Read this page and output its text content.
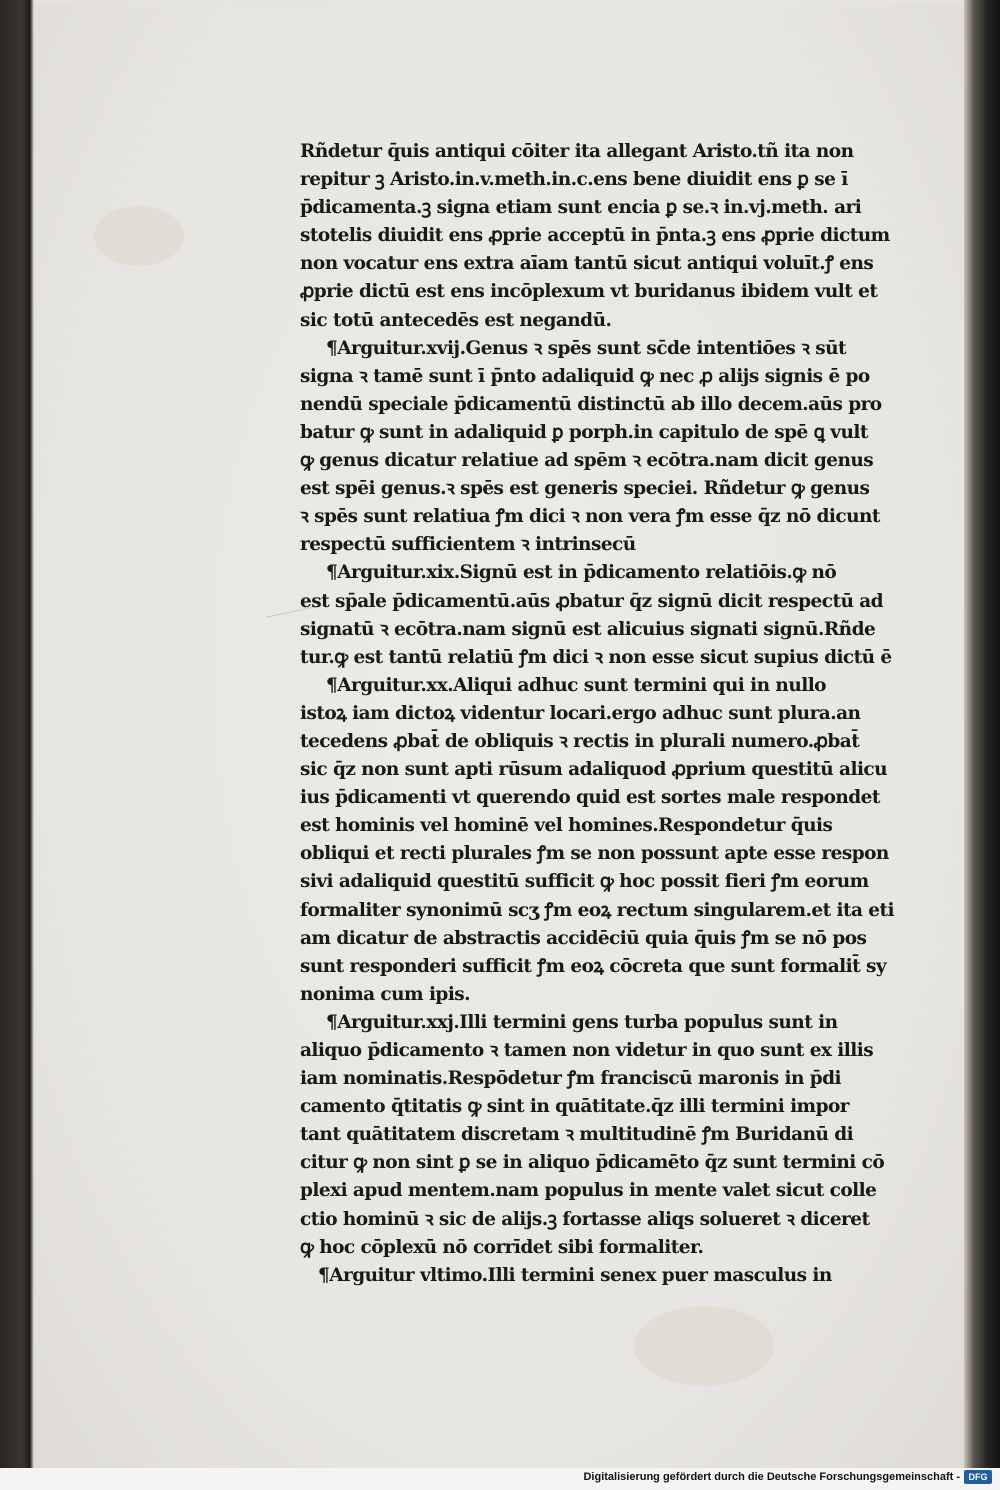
Rñdetur q̄uis antiqui cōiter ita allegant Aristo.tñ ita non
repitur ꝫ Aristo.in.v.meth.in.c.ens bene diuidit ens ꝑ se ī
p̄dicamenta.ꝫ signa etiam sunt encia ꝑ se.ꝛ in.vj.meth. ari
stotelis diuidit ens ꝓprie acceptū in p̄nta.ꝫ ens ꝓprie dictum
non vocatur ens extra aīam tantū sicut antiqui voluīt.ꝭ ens
ꝓprie dictū est ens incōplexum vt buridanus ibidem vult et
sic totū antecedēs est negandū.
¶Arguitur.xvij.Genus ꝛ spēs sunt sc̄de intentiōes ꝛ sūt
signa ꝛ tamē sunt ī p̄nto adaliquid ꝙ nec ꝓ alijs signis ē po
nendū speciale p̄dicamentū distinctū ab illo decem.aūs pro
batur ꝙ sunt in adaliquid ꝑ porph.in capitulo de spē ꝗ vult
ꝙ genus dicatur relatiue ad spēm ꝛ ecōtra.nam dicit genus
est spēi genus.ꝛ spēs est generis speciei. Rñdetur ꝙ genus
ꝛ spēs sunt relatiua ꝭm dici ꝛ non vera ꝭm esse q̄z nō dicunt
respectū sufficientem ꝛ intrinsecū
¶Arguitur.xix.Signū est in p̄dicamento relatiōis.ꝙ nō
est sp̄ale p̄dicamentū.aūs ꝓbatur q̄z signū dicit respectū ad
signatū ꝛ ecōtra.nam signū est alicuius signati signū.Rñde
tur.ꝙ est tantū relatiū ꝭm dici ꝛ non esse sicut supius dictū ē
¶Arguitur.xx.Aliqui adhuc sunt termini qui in nullo
istoꝝ iam dictoꝝ videntur locari.ergo adhuc sunt plura.an
tecedens ꝓbat̄ de obliquis ꝛ rectis in plurali numero.ꝓbat̄
sic q̄z non sunt apti rūsum adaliquod ꝓprium questitū alicu
ius p̄dicamenti vt querendo quid est sortes male respondet
est hominis vel hominē vel homines.Respondetur q̄uis
obliqui et recti plurales ꝭm se non possunt apte esse respon
sivi adaliquid questitū sufficit ꝙ hoc possit fieri ꝭm eorum
formaliter synonimū scʒ ꝭm eoꝝ rectum singularem.et ita eti
am dicatur de abstractis accidēciū quia q̄uis ꝭm se nō pos
sunt responderi sufficit ꝭm eoꝝ cōcreta que sunt formalit̄ sy
nonima cum ipis.
¶Arguitur.xxj.Illi termini gens turba populus sunt in
aliquo p̄dicamento ꝛ tamen non videtur in quo sunt ex illis
iam nominatis.Respōdetur ꝭm franciscū maronis in p̄di
camento q̄titatis ꝙ sint in quātitate.q̄z illi termini impor
tant quātitatem discretam ꝛ multitudinē ꝭm Buridanū di
citur ꝙ non sint ꝑ se in aliquo p̄dicamēto q̄z sunt termini cō
plexi apud mentem.nam populus in mente valet sicut colle
ctio hominū ꝛ sic de alijs.ꝫ fortasse aliqs solueret ꝛ diceret
ꝙ hoc cōplexū nō corrīdet sibi formaliter.
¶Arguitur vltimo.Illi termini senex puer masculus in
Digitalisierung gefördert durch die Deutsche Forschungsgemeinschaft - DFG
